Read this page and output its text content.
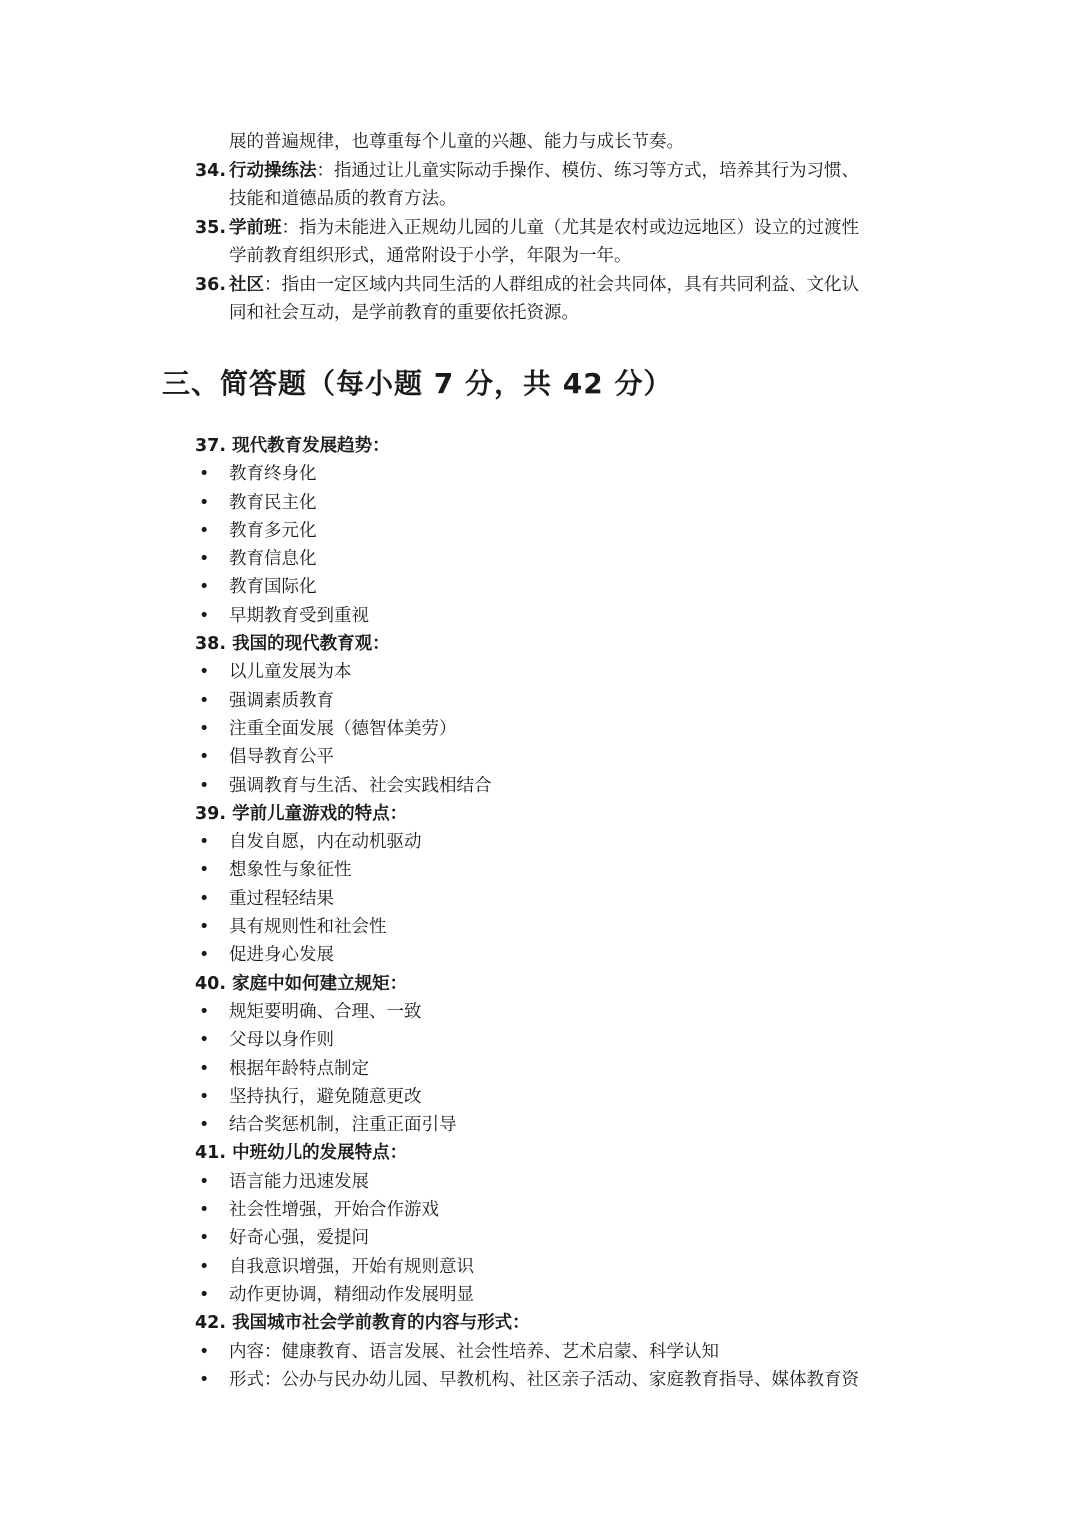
展的普遍规律，也尊重每个儿童的兴趣、能力与成长节奏。
34. 行动操练法：指通过让儿童实际动手操作、模仿、练习等方式，培养其行为习惯、
技能和道德品质的教育方法。
35. 学前班：指为未能进入正规幼儿园的儿童（尤其是农村或边远地区）设立的过渡性
学前教育组织形式，通常附设于小学，年限为一年。
36. 社区：指由一定区域内共同生活的人群组成的社会共同体，具有共同利益、文化认
同和社会互动，是学前教育的重要依托资源。
三、简答题（每小题 7 分，共 42 分）
37. 现代教育发展趋势：
•	教育终身化
•	教育民主化
•	教育多元化
•	教育信息化
•	教育国际化
•	早期教育受到重视
38. 我国的现代教育观：
•	以儿童发展为本
•	强调素质教育
•	注重全面发展（德智体美劳）
•	倡导教育公平
•	强调教育与生活、社会实践相结合
39. 学前儿童游戏的特点：
•	自发自愿，内在动机驱动
•	想象性与象征性
•	重过程轻结果
•	具有规则性和社会性
•	促进身心发展
40. 家庭中如何建立规矩：
•	规矩要明确、合理、一致
•	父母以身作则
•	根据年龄特点制定
•	坚持执行，避免随意更改
•	结合奖惩机制，注重正面引导
41. 中班幼儿的发展特点：
•	语言能力迅速发展
•	社会性增强，开始合作游戏
•	好奇心强，爱提问
•	自我意识增强，开始有规则意识
•	动作更协调，精细动作发展明显
42. 我国城市社会学前教育的内容与形式：
•	内容：健康教育、语言发展、社会性培养、艺术启蒙、科学认知
•	形式：公办与民办幼儿园、早教机构、社区亲子活动、家庭教育指导、媒体教育资
